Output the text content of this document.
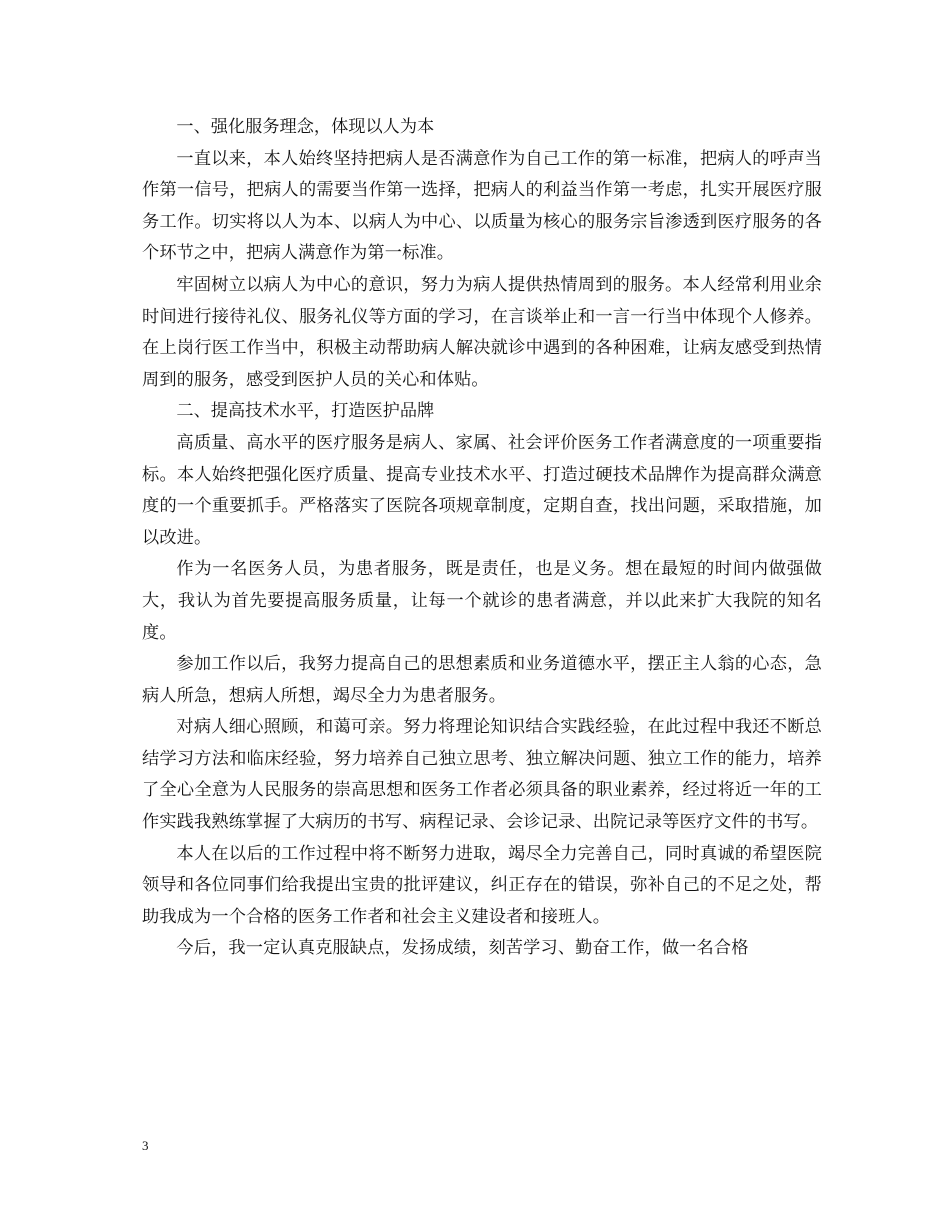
一、强化服务理念，体现以人为本

一直以来，本人始终坚持把病人是否满意作为自己工作的第一标准，把病人的呼声当作第一信号，把病人的需要当作第一选择，把病人的利益当作第一考虑，扎实开展医疗服务工作。切实将以人为本、以病人为中心、以质量为核心的服务宗旨渗透到医疗服务的各个环节之中，把病人满意作为第一标准。

牢固树立以病人为中心的意识，努力为病人提供热情周到的服务。本人经常利用业余时间进行接待礼仪、服务礼仪等方面的学习，在言谈举止和一言一行当中体现个人修养。在上岗行医工作当中，积极主动帮助病人解决就诊中遇到的各种困难，让病友感受到热情周到的服务，感受到医护人员的关心和体贴。

二、提高技术水平，打造医护品牌

高质量、高水平的医疗服务是病人、家属、社会评价医务工作者满意度的一项重要指标。本人始终把强化医疗质量、提高专业技术水平、打造过硬技术品牌作为提高群众满意度的一个重要抓手。严格落实了医院各项规章制度，定期自查，找出问题，采取措施，加以改进。

作为一名医务人员，为患者服务，既是责任，也是义务。想在最短的时间内做强做大，我认为首先要提高服务质量，让每一个就诊的患者满意，并以此来扩大我院的知名度。

参加工作以后，我努力提高自己的思想素质和业务道德水平，摆正主人翁的心态，急病人所急，想病人所想，竭尽全力为患者服务。

对病人细心照顾，和蔼可亲。努力将理论知识结合实践经验，在此过程中我还不断总结学习方法和临床经验，努力培养自己独立思考、独立解决问题、独立工作的能力，培养了全心全意为人民服务的崇高思想和医务工作者必须具备的职业素养，经过将近一年的工作实践我熟练掌握了大病历的书写、病程记录、会诊记录、出院记录等医疗文件的书写。

本人在以后的工作过程中将不断努力进取，竭尽全力完善自己，同时真诚的希望医院领导和各位同事们给我提出宝贵的批评建议，纠正存在的错误，弥补自己的不足之处，帮助我成为一个合格的医务工作者和社会主义建设者和接班人。

今后，我一定认真克服缺点，发扬成绩，刻苦学习、勤奋工作，做一名合格

3
